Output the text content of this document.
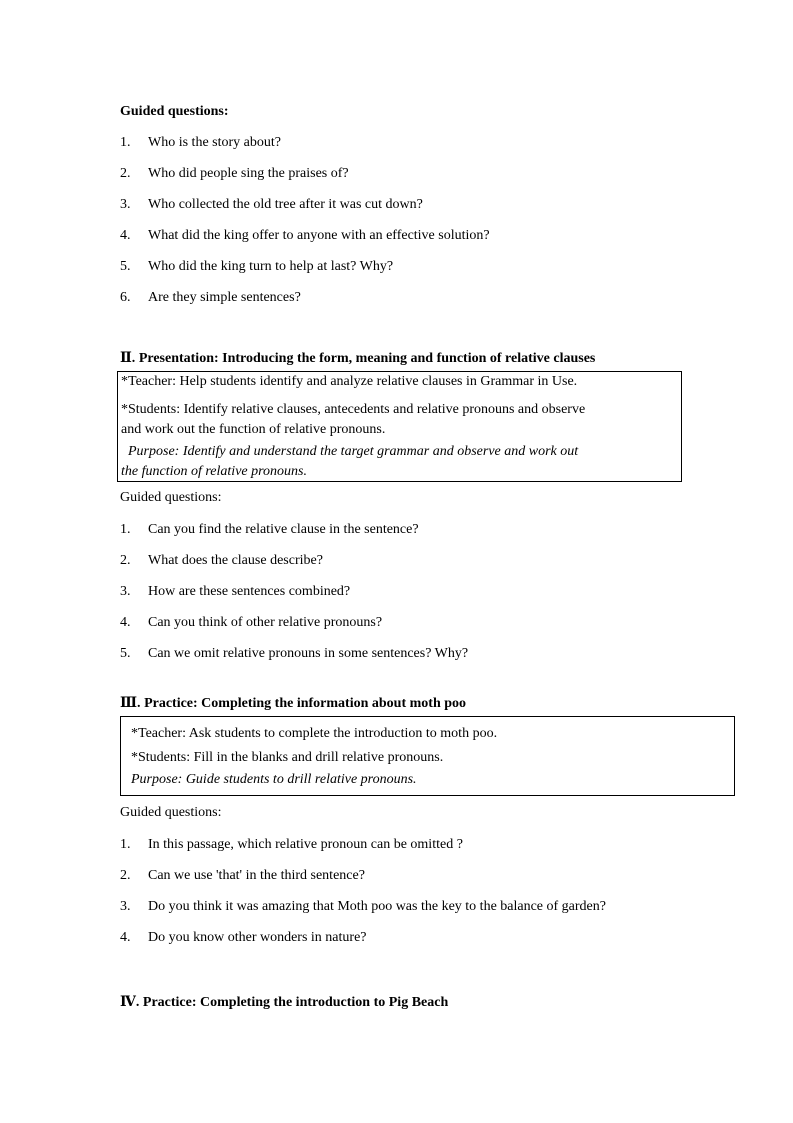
Guided questions:
1. Who is the story about?
2. Who did people sing the praises of?
3. Who collected the old tree after it was cut down?
4. What did the king offer to anyone with an effective solution?
5. Who did the king turn to help at last? Why?
6. Are they simple sentences?
Ⅱ. Presentation: Introducing the form, meaning and function of relative clauses
*Teacher: Help students identify and analyze relative clauses in Grammar in Use.
*Students: Identify relative clauses, antecedents and relative pronouns and observe
and work out the function of relative pronouns.
Purpose: Identify and understand the target grammar and observe and work out
the function of relative pronouns.
Guided questions:
1. Can you find the relative clause in the sentence?
2. What does the clause describe?
3. How are these sentences combined?
4. Can you think of other relative pronouns?
5. Can we omit relative pronouns in some sentences? Why?
Ⅲ. Practice: Completing the information about moth poo
*Teacher: Ask students to complete the introduction to moth poo.
*Students: Fill in the blanks and drill relative pronouns.
Purpose: Guide students to drill relative pronouns.
Guided questions:
1. In this passage, which relative pronoun can be omitted ?
2. Can we use 'that' in the third sentence?
3. Do you think it was amazing that Moth poo was the key to the balance of garden?
4. Do you know other wonders in nature?
Ⅳ. Practice: Completing the introduction to Pig Beach
